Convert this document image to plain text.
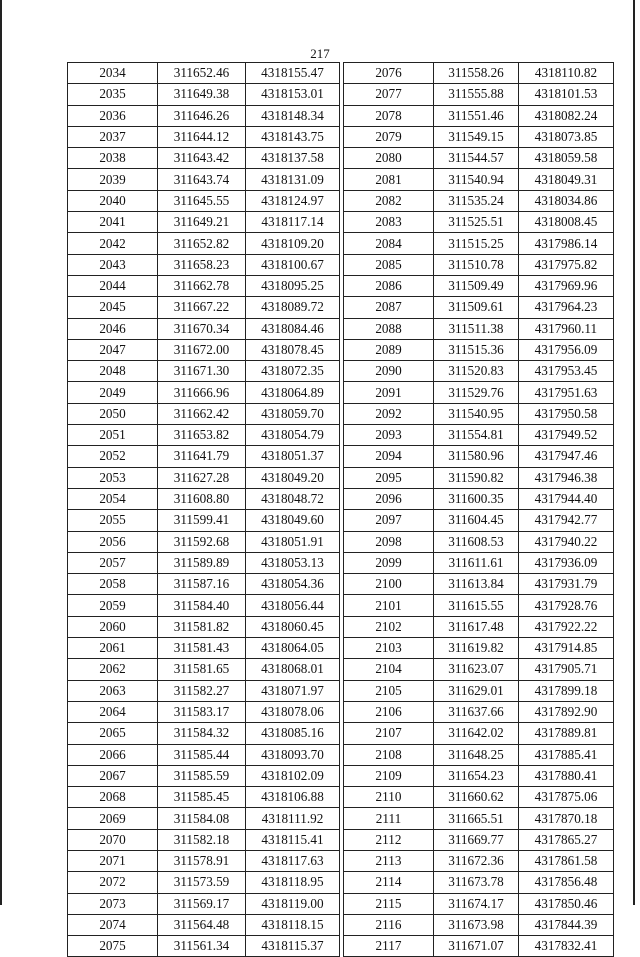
217
2034	311652.46	4318155.47
2035	311649.38	4318153.01
2036	311646.26	4318148.34
2037	311644.12	4318143.75
2038	311643.42	4318137.58
2039	311643.74	4318131.09
2040	311645.55	4318124.97
2041	311649.21	4318117.14
2042	311652.82	4318109.20
2043	311658.23	4318100.67
2044	311662.78	4318095.25
2045	311667.22	4318089.72
2046	311670.34	4318084.46
2047	311672.00	4318078.45
2048	311671.30	4318072.35
2049	311666.96	4318064.89
2050	311662.42	4318059.70
2051	311653.82	4318054.79
2052	311641.79	4318051.37
2053	311627.28	4318049.20
2054	311608.80	4318048.72
2055	311599.41	4318049.60
2056	311592.68	4318051.91
2057	311589.89	4318053.13
2058	311587.16	4318054.36
2059	311584.40	4318056.44
2060	311581.82	4318060.45
2061	311581.43	4318064.05
2062	311581.65	4318068.01
2063	311582.27	4318071.97
2064	311583.17	4318078.06
2065	311584.32	4318085.16
2066	311585.44	4318093.70
2067	311585.59	4318102.09
2068	311585.45	4318106.88
2069	311584.08	4318111.92
2070	311582.18	4318115.41
2071	311578.91	4318117.63
2072	311573.59	4318118.95
2073	311569.17	4318119.00
2074	311564.48	4318118.15
2075	311561.34	4318115.37
2076	311558.26	4318110.82
2077	311555.88	4318101.53
2078	311551.46	4318082.24
2079	311549.15	4318073.85
2080	311544.57	4318059.58
2081	311540.94	4318049.31
2082	311535.24	4318034.86
2083	311525.51	4318008.45
2084	311515.25	4317986.14
2085	311510.78	4317975.82
2086	311509.49	4317969.96
2087	311509.61	4317964.23
2088	311511.38	4317960.11
2089	311515.36	4317956.09
2090	311520.83	4317953.45
2091	311529.76	4317951.63
2092	311540.95	4317950.58
2093	311554.81	4317949.52
2094	311580.96	4317947.46
2095	311590.82	4317946.38
2096	311600.35	4317944.40
2097	311604.45	4317942.77
2098	311608.53	4317940.22
2099	311611.61	4317936.09
2100	311613.84	4317931.79
2101	311615.55	4317928.76
2102	311617.48	4317922.22
2103	311619.82	4317914.85
2104	311623.07	4317905.71
2105	311629.01	4317899.18
2106	311637.66	4317892.90
2107	311642.02	4317889.81
2108	311648.25	4317885.41
2109	311654.23	4317880.41
2110	311660.62	4317875.06
2111	311665.51	4317870.18
2112	311669.77	4317865.27
2113	311672.36	4317861.58
2114	311673.78	4317856.48
2115	311674.17	4317850.46
2116	311673.98	4317844.39
2117	311671.07	4317832.41
